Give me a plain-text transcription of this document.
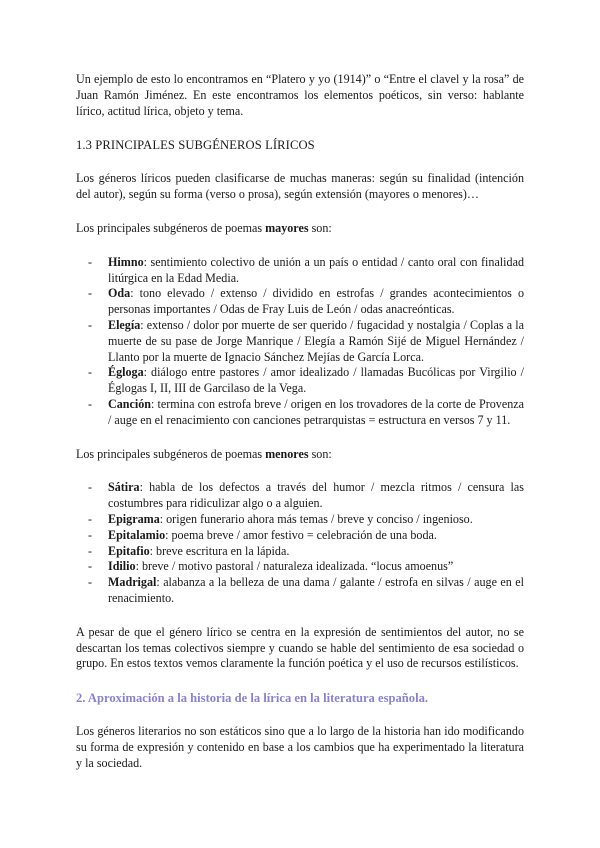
Un ejemplo de esto lo encontramos en “Platero y yo (1914)” o “Entre el clavel y la rosa” de Juan Ramón Jiménez. En este encontramos los elementos poéticos, sin verso: hablante lírico, actitud lírica, objeto y tema.

1.3 PRINCIPALES SUBGÉNEROS LÍRICOS

Los géneros líricos pueden clasificarse de muchas maneras: según su finalidad (intención del autor), según su forma (verso o prosa), según extensión (mayores o menores)…

Los principales subgéneros de poemas mayores son:

- Himno: sentimiento colectivo de unión a un país o entidad / canto oral con finalidad litúrgica en la Edad Media.
- Oda: tono elevado / extenso / dividido en estrofas / grandes acontecimientos o personas importantes / Odas de Fray Luis de León / odas anacreónticas.
- Elegía: extenso / dolor por muerte de ser querido / fugacidad y nostalgia / Coplas a la muerte de su pase de Jorge Manrique / Elegía a Ramón Sijé de Miguel Hernández / Llanto por la muerte de Ignacio Sánchez Mejías de García Lorca.
- Égloga: diálogo entre pastores / amor idealizado / llamadas Bucólicas por Virgilio / Églogas I, II, III de Garcilaso de la Vega.
- Canción: termina con estrofa breve / origen en los trovadores de la corte de Provenza / auge en el renacimiento con canciones petrarquistas = estructura en versos 7 y 11.

Los principales subgéneros de poemas menores son:

- Sátira: habla de los defectos a través del humor / mezcla ritmos / censura las costumbres para ridiculizar algo o a alguien.
- Epigrama: origen funerario ahora más temas / breve y conciso / ingenioso.
- Epitalamio: poema breve / amor festivo = celebración de una boda.
- Epitafio: breve escritura en la lápida.
- Idilio: breve / motivo pastoral / naturaleza idealizada. “locus amoenus”
- Madrigal: alabanza a la belleza de una dama / galante / estrofa en silvas / auge en el renacimiento.

A pesar de que el género lírico se centra en la expresión de sentimientos del autor, no se descartan los temas colectivos siempre y cuando se hable del sentimiento de esa sociedad o grupo. En estos textos vemos claramente la función poética y el uso de recursos estilísticos.

2. Aproximación a la historia de la lírica en la literatura española.

Los géneros literarios no son estáticos sino que a lo largo de la historia han ido modificando su forma de expresión y contenido en base a los cambios que ha experimentado la literatura y la sociedad.
